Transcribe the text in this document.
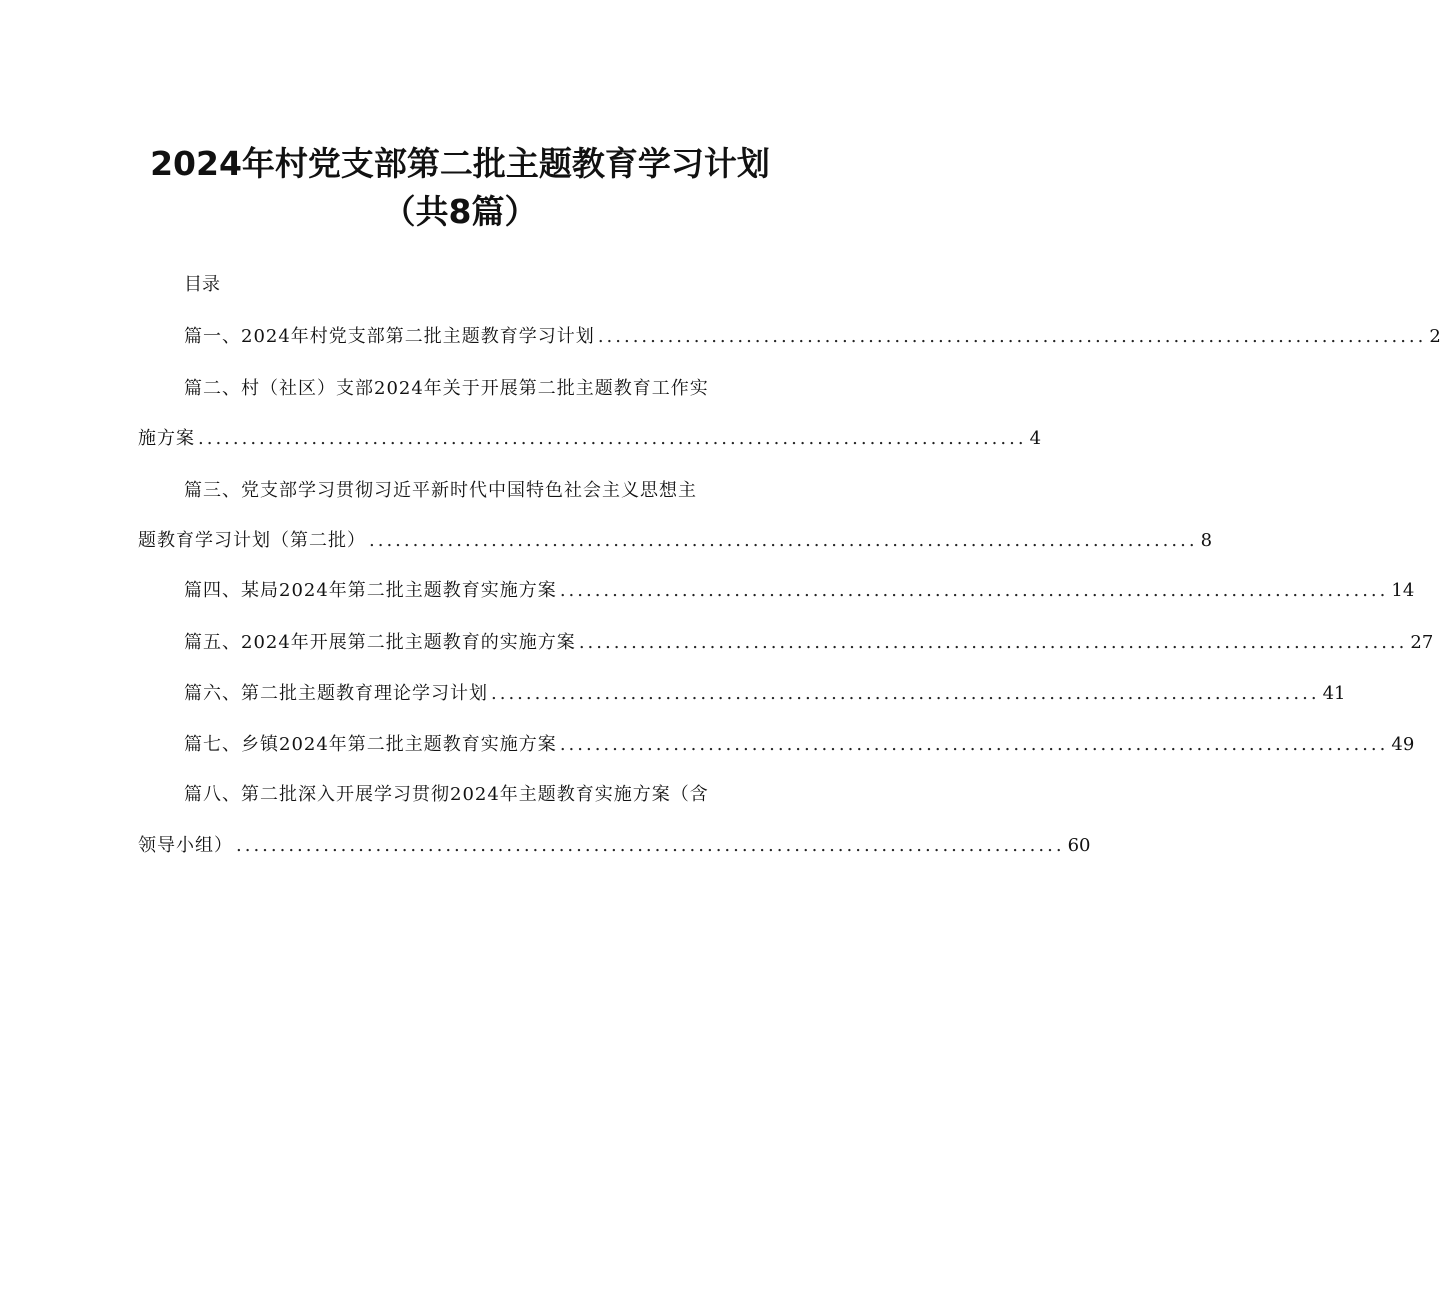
2024年村党支部第二批主题教育学习计划
（共8篇）
目录
篇一、2024年村党支部第二批主题教育学习计划 ............................................................................................... 2
篇二、村（社区）支部2024年关于开展第二批主题教育工作实
施方案 ............................................................................................... 4
篇三、党支部学习贯彻习近平新时代中国特色社会主义思想主
题教育学习计划（第二批） ............................................................................................... 8
篇四、某局2024年第二批主题教育实施方案 ............................................................................................... 14
篇五、2024年开展第二批主题教育的实施方案 ............................................................................................... 27
篇六、第二批主题教育理论学习计划 ............................................................................................... 41
篇七、乡镇2024年第二批主题教育实施方案 ............................................................................................... 49
篇八、第二批深入开展学习贯彻2024年主题教育实施方案（含
领导小组） ............................................................................................... 60
